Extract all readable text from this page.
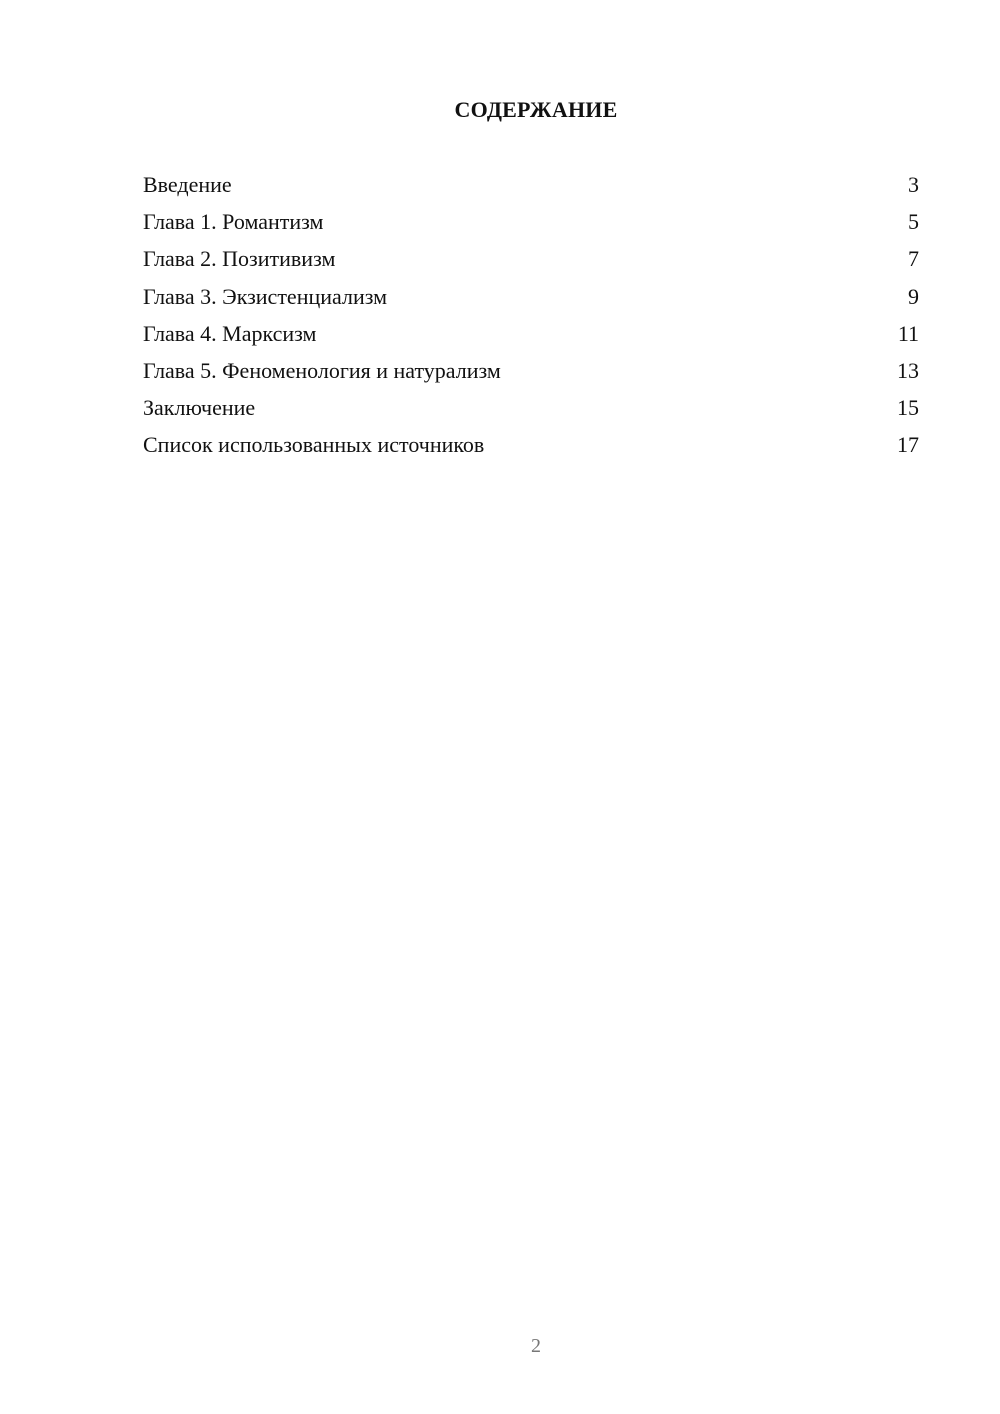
СОДЕРЖАНИЕ
Введение	3
Глава 1. Романтизм	5
Глава 2. Позитивизм	7
Глава 3. Экзистенциализм	9
Глава 4. Марксизм	11
Глава 5. Феноменология и натурализм	13
Заключение	15
Список использованных источников	17
2
